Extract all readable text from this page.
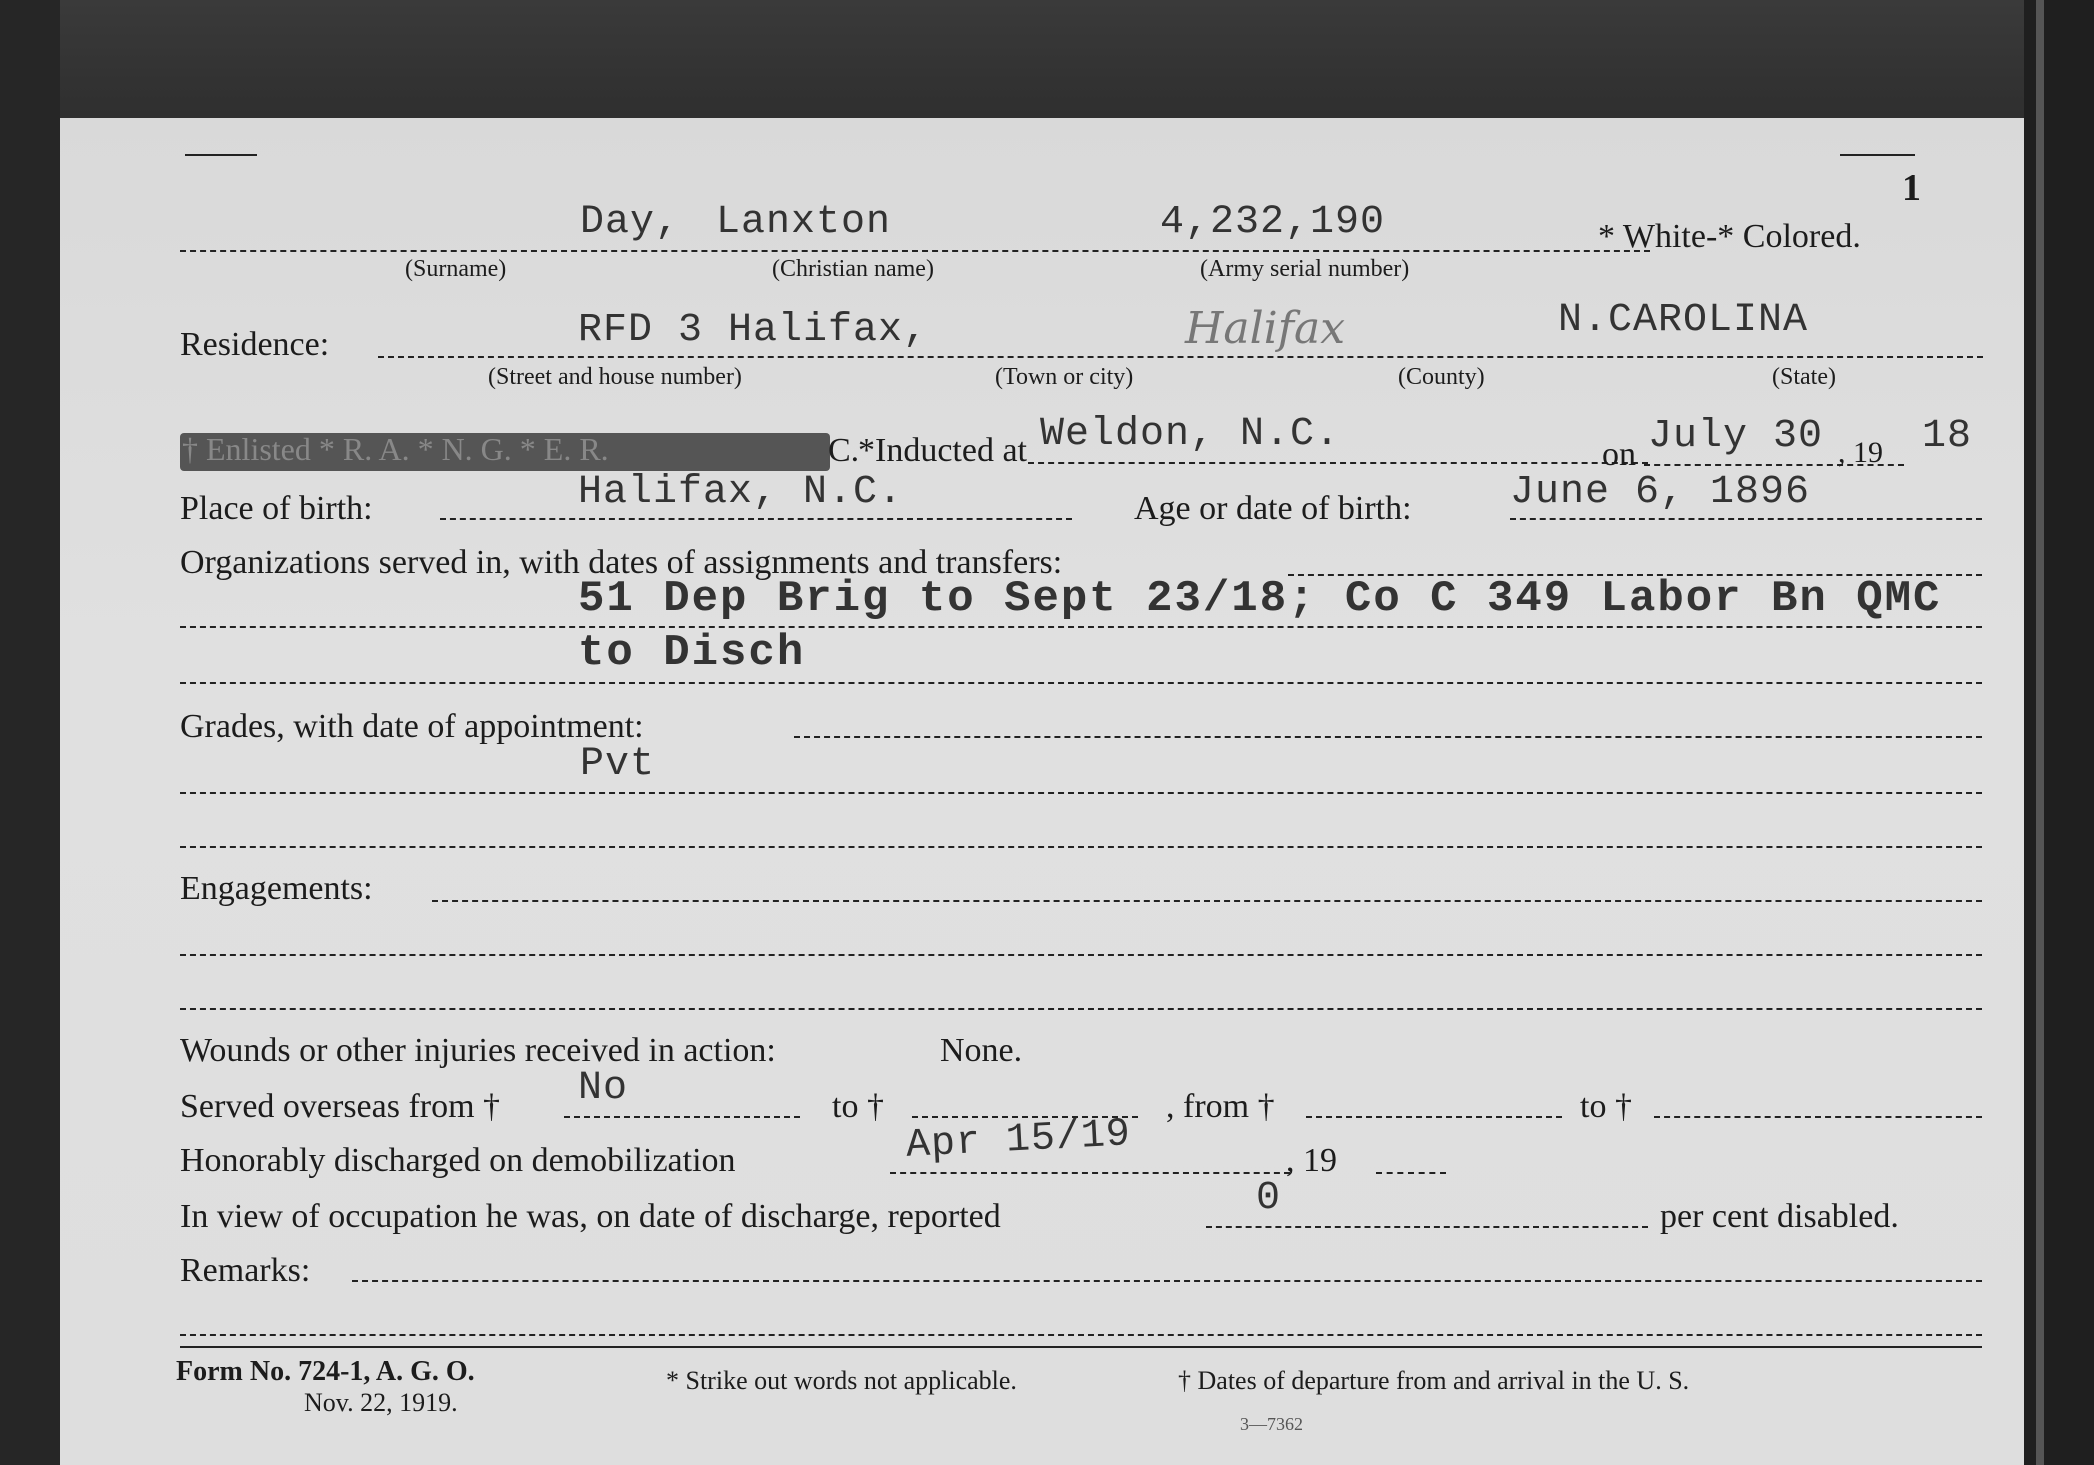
1
Day, Lanxton	4,232,190	* White-* Colored.
(Surname)	(Christian name)	(Army serial number)
Residence:	RFD 3 Halifax,	Halifax	N.CAROLINA
(Street and house number)	(Town or city)	(County)	(State)
† Enlisted * R. A. * N. G. * E. R.	C.
*Inducted at Weldon, N.C.	on July 30 , 19 18
Place of birth:	Halifax, N.C.	Age or date of birth: June 6, 1896
Organizations served in, with dates of assignments and transfers:
51 Dep Brig to Sept 23/18; Co C 349 Labor Bn QMC
to Disch
Grades, with date of appointment:
Pvt
Engagements:
Wounds or other injuries received in action:	None.
Served overseas from † No	to †	, from †	to †
Honorably discharged on demobilization	Apr 15/19	, 19
In view of occupation he was, on date of discharge, reported	0	per cent disabled.
Remarks:
Form No. 724-1, A. G. O.
Nov. 22, 1919.
* Strike out words not applicable.	† Dates of departure from and arrival in the U. S.
3—7362
